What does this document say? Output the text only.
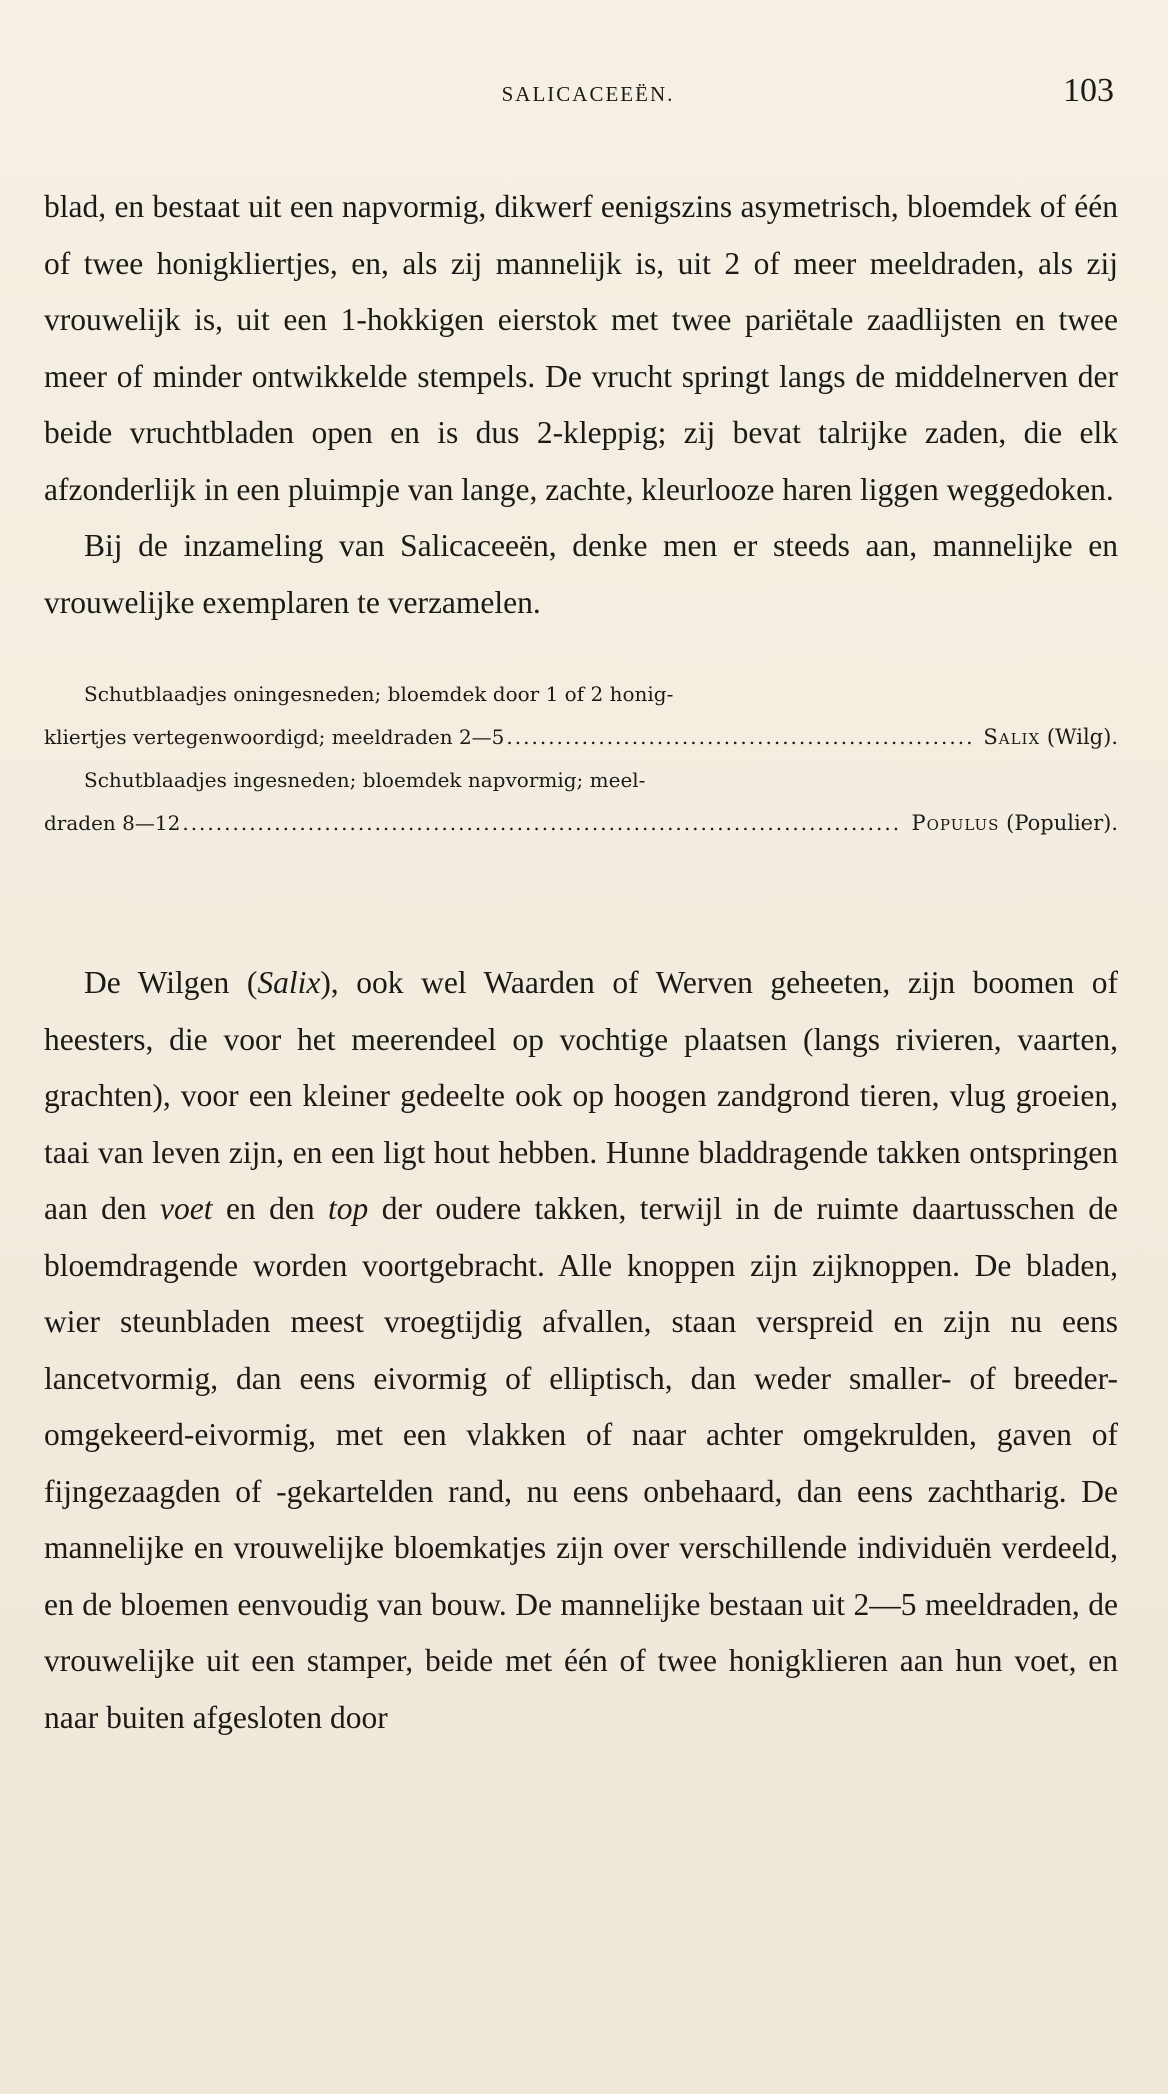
SALICACEEËN.	103

blad, en bestaat uit een napvormig, dikwerf eenigszins asymetrisch, bloemdek of één of twee honigkliertjes, en, als zij mannelijk is, uit 2 of meer meeldraden, als zij vrouwelijk is, uit een 1-hokkigen eierstok met twee pariëtale zaadlijsten en twee meer of minder ontwikkelde stempels. De vrucht springt langs de middelnerven der beide vruchtbladen open en is dus 2-kleppig; zij bevat talrijke zaden, die elk afzonderlijk in een pluimpje van lange, zachte, kleurlooze haren liggen weggedoken.

Bij de inzameling van Salicaceeën, denke men er steeds aan, mannelijke en vrouwelijke exemplaren te verzamelen.

Schutblaadjes oningesneden; bloemdek door 1 of 2 honig-
kliertjes vertegenwoordigd; meeldraden 2—5 .....	Salix (Wilg).
Schutblaadjes ingesneden; bloemdek napvormig; meel-
draden 8—12 .....	Populus (Populier).

De Wilgen (Salix), ook wel Waarden of Werven geheeten, zijn boomen of heesters, die voor het meerendeel op vochtige plaatsen (langs rivieren, vaarten, grachten), voor een kleiner gedeelte ook op hoogen zandgrond tieren, vlug groeien, taai van leven zijn, en een ligt hout hebben. Hunne bladdragende takken ontspringen aan den voet en den top der oudere takken, terwijl in de ruimte daartusschen de bloemdragende worden voortgebracht. Alle knoppen zijn zijknoppen. De bladen, wier steunbladen meest vroegtijdig afvallen, staan verspreid en zijn nu eens lancetvormig, dan eens eivormig of elliptisch, dan weder smaller- of breeder-omgekeerd-eivormig, met een vlakken of naar achter omgekrulden, gaven of fijngezaagden of -gekartelden rand, nu eens onbehaard, dan eens zachtharig. De mannelijke en vrouwelijke bloemkatjes zijn over verschillende individuën verdeeld, en de bloemen eenvoudig van bouw. De mannelijke bestaan uit 2—5 meeldraden, de vrouwelijke uit een stamper, beide met één of twee honigklieren aan hun voet, en naar buiten afgesloten door
